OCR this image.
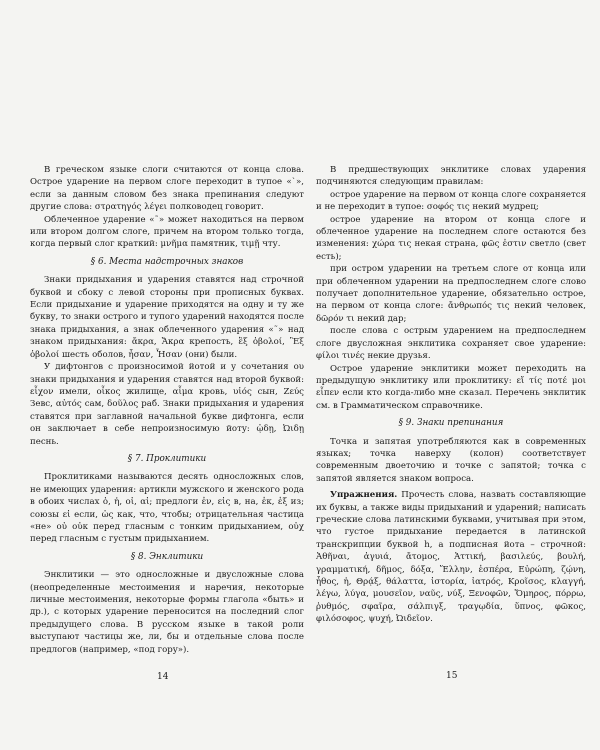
В греческом языке слоги считаются от конца слова. Острое ударение на первом слоге переходит в тупое «`», если за данным словом без знака препинания следуют другие слова: στρατηγός λέγει полководец говорит.

Облеченное ударение «῀» может находиться на первом или втором долгом слоге, причем на втором только тогда, когда первый слог краткий: μνῆμα памятник, τιμῇ чту.

§ 6. Места надстрочных знаков

Знаки придыхания и ударения ставятся над строчной буквой и сбоку с левой стороны при прописных буквах. Если придыхание и ударение приходятся на одну и ту же букву, то знаки острого и тупого ударений находятся после знака придыхания, а знак облеченного ударения «῀» над знаком придыхания: ἄκρα, Ἄκρα крепость, ἓξ ὀβολοί, Ἓξ ὀβολοί шесть оболов, ἦσαν, Ἦσαν (они) были.

У дифтонгов с произносимой йотой и у сочетания ου знаки придыхания и ударения ставятся над второй буквой: εἶχον имели, οἶκος жилище, αἷμα кровь, υἱός сын, Ζεύς Зевс, αὐτός сам, δοῦλος раб. Знаки придыхания и ударения ставятся при заглавной начальной букве дифтонга, если он заключает в себе непроизносимую йоту: ᾠδῃ, Ὠιδῃ песнь.

§ 7. Проклитики

Проклитиками называются десять односложных слов, не имеющих ударения: артикли мужского и женского рода в обоих числах ὁ, ἡ, οἱ, αἱ; предлоги ἐν, εἰς в, на, ἐκ, ἐξ из; союзы εἰ если, ὡς как, что, чтобы; отрицательная частица «не» οὐ οὐκ перед гласным с тонким придыханием, οὐχ перед гласным с густым придыханием.

§ 8. Энклитики

Энклитики — это односложные и двусложные слова (неопределенные местоимения и наречия, некоторые личные местоимения, некоторые формы глагола «быть» и др.), с которых ударение переносится на последний слог предыдущего слова. В русском языке в такой роли выступают частицы же, ли, бы и отдельные слова после предлогов (например, «под гору»).

В предшествующих энклитике словах ударения подчиняются следующим правилам:

острое ударение на первом от конца слоге сохраняется и не переходит в тупое: σοφός τις некий мудрец;

острое ударение на втором от конца слоге и облеченное ударение на последнем слоге остаются без изменения: χώρα τις некая страна, φῶς ἐστιν светло (свет есть);

при остром ударении на третьем слоге от конца или при облеченном ударении на предпоследнем слоге слово получает дополнительное ударение, обязательно острое, на первом от конца слоге: ἄνθρωπός τις некий человек, δῶρόν τι некий дар;

после слова с острым ударением на предпоследнем слоге двусложная энклитика сохраняет свое ударение: φίλοι τινές некие друзья.

Острое ударение энклитики может переходить на предыдущую энклитику или проклитику: εἴ τίς ποτέ μοι εἶπεν если кто когда-либо мне сказал. Перечень энклитик см. в Грамматическом справочнике.

§ 9. Знаки препинания

Точка и запятая употребляются как в современных языках; точка наверху (колон) соответствует современным двоеточию и точке с запятой; точка с запятой является знаком вопроса.

Упражнения. Прочесть слова, назвать составляющие их буквы, а также виды придыханий и ударений; написать греческие слова латинскими буквами, учитывая при этом, что густое придыхание передается в латинской транскрипции буквой h, а подписная йота – строчной: Ἀθῆναι, ἀγυιά, ἄτομος, Ἀττική, βασιλεύς, βουλή, γραμματική, δῆμος, δόξα, Ἕλλην, ἑσπέρα, Εὐρώπη, ζῴνη, ἦθος, ἡ, Θρᾴξ, θάλαττα, ἱστορία, ἰατρός, Κροῖσος, κλαγγή, λέγω, λύγα, μουσεῖον, ναῦς, νύξ, Ξενοφῶν, Ὅμηρος, πόρρω, ῥυθμός, σφαῖρα, σάλπιγξ, τραγῳδία, ὕπνος, φῶκος, φιλόσοφος, ψυχή, Ὠιδεῖον.

14	15
